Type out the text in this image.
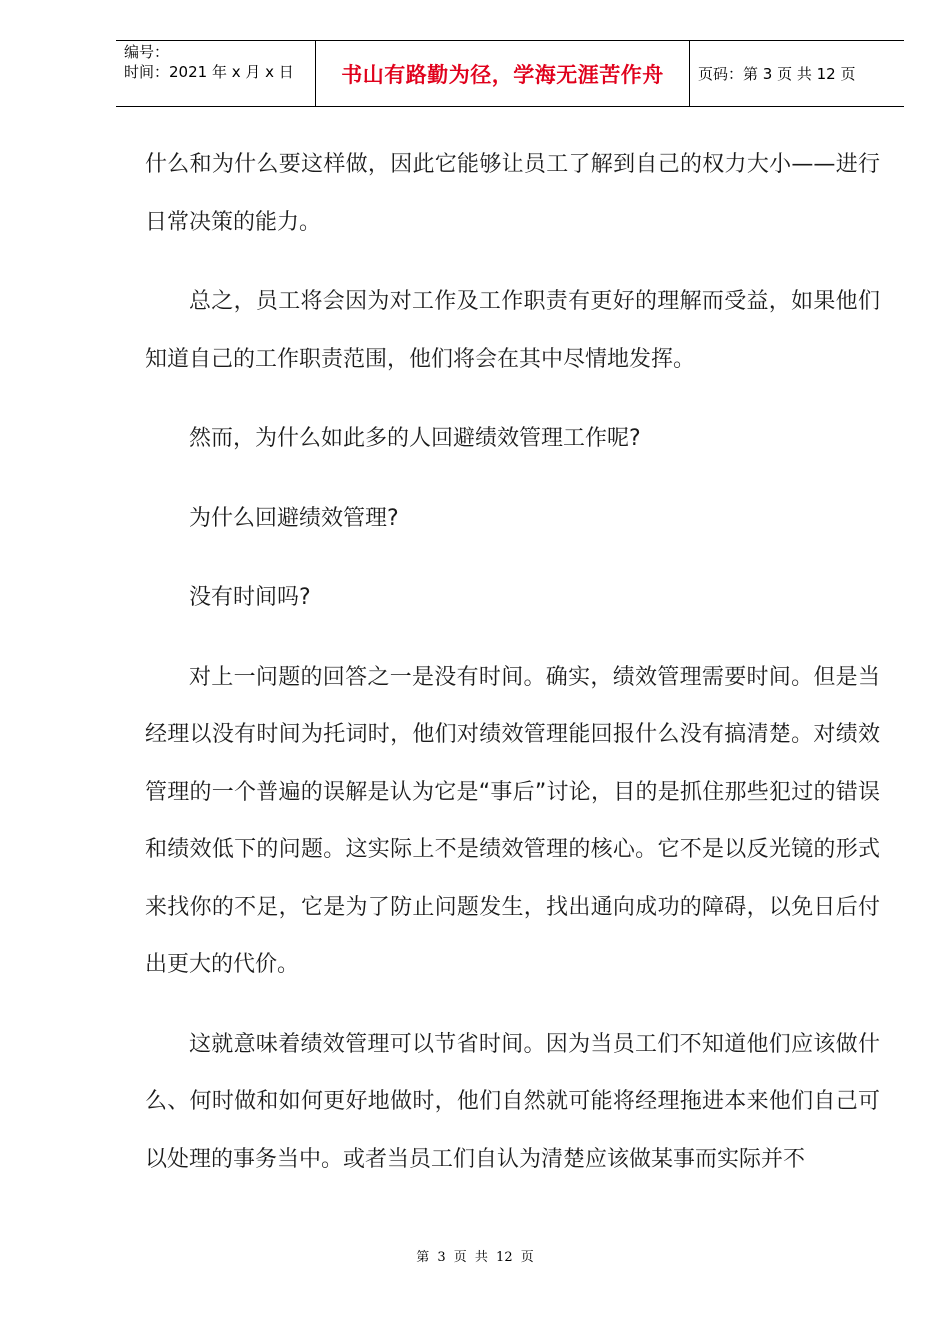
编号：
时间：2021 年 x 月 x 日	书山有路勤为径，学海无涯苦作舟	页码：第 3 页 共 12 页

什么和为什么要这样做，因此它能够让员工了解到自己的权力大小——进行日常决策的能力。

总之，员工将会因为对工作及工作职责有更好的理解而受益，如果他们知道自己的工作职责范围，他们将会在其中尽情地发挥。

然而，为什么如此多的人回避绩效管理工作呢?

为什么回避绩效管理?

没有时间吗?

对上一问题的回答之一是没有时间。确实，绩效管理需要时间。但是当经理以没有时间为托词时，他们对绩效管理能回报什么没有搞清楚。对绩效管理的一个普遍的误解是认为它是“事后”讨论，目的是抓住那些犯过的错误和绩效低下的问题。这实际上不是绩效管理的核心。它不是以反光镜的形式来找你的不足，它是为了防止问题发生，找出通向成功的障碍，以免日后付出更大的代价。

这就意味着绩效管理可以节省时间。因为当员工们不知道他们应该做什么、何时做和如何更好地做时，他们自然就可能将经理拖进本来他们自己可以处理的事务当中。或者当员工们自认为清楚应该做某事而实际并不

第 3 页 共 12 页
